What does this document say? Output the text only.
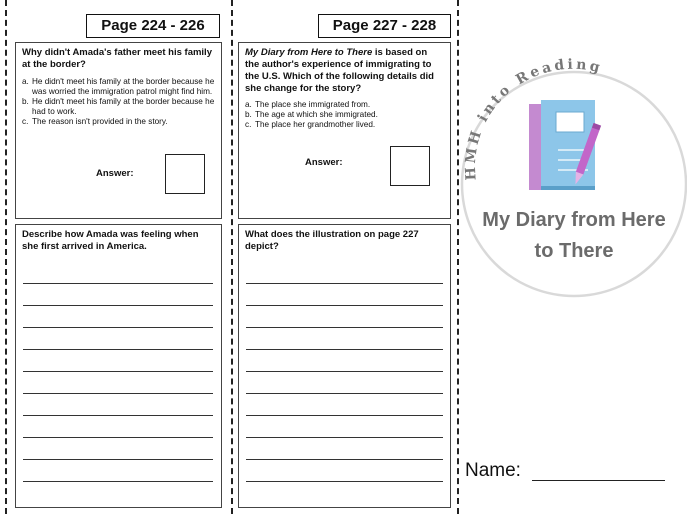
Page 224 - 226
Why didn't Amada's father meet his family at the border?

a. He didn't meet his family at the border because he was worried the immigration patrol might find him.

b. He didn't meet his family at the border because he had to work.

c. The reason isn't provided in the story.

Answer:
Describe how Amada was feeling when she first arrived in America.
Page 227 - 228
My Diary from Here to There is based on the author's experience of immigrating to the U.S. Which of the following details did she change for the story?

a. The place she immigrated from.

b. The age at which she immigrated.

c. The place her grandmother lived.

Answer:
What does the illustration on page 227 depict?
HMH into Reading
My Diary from Here
to There
Name:
